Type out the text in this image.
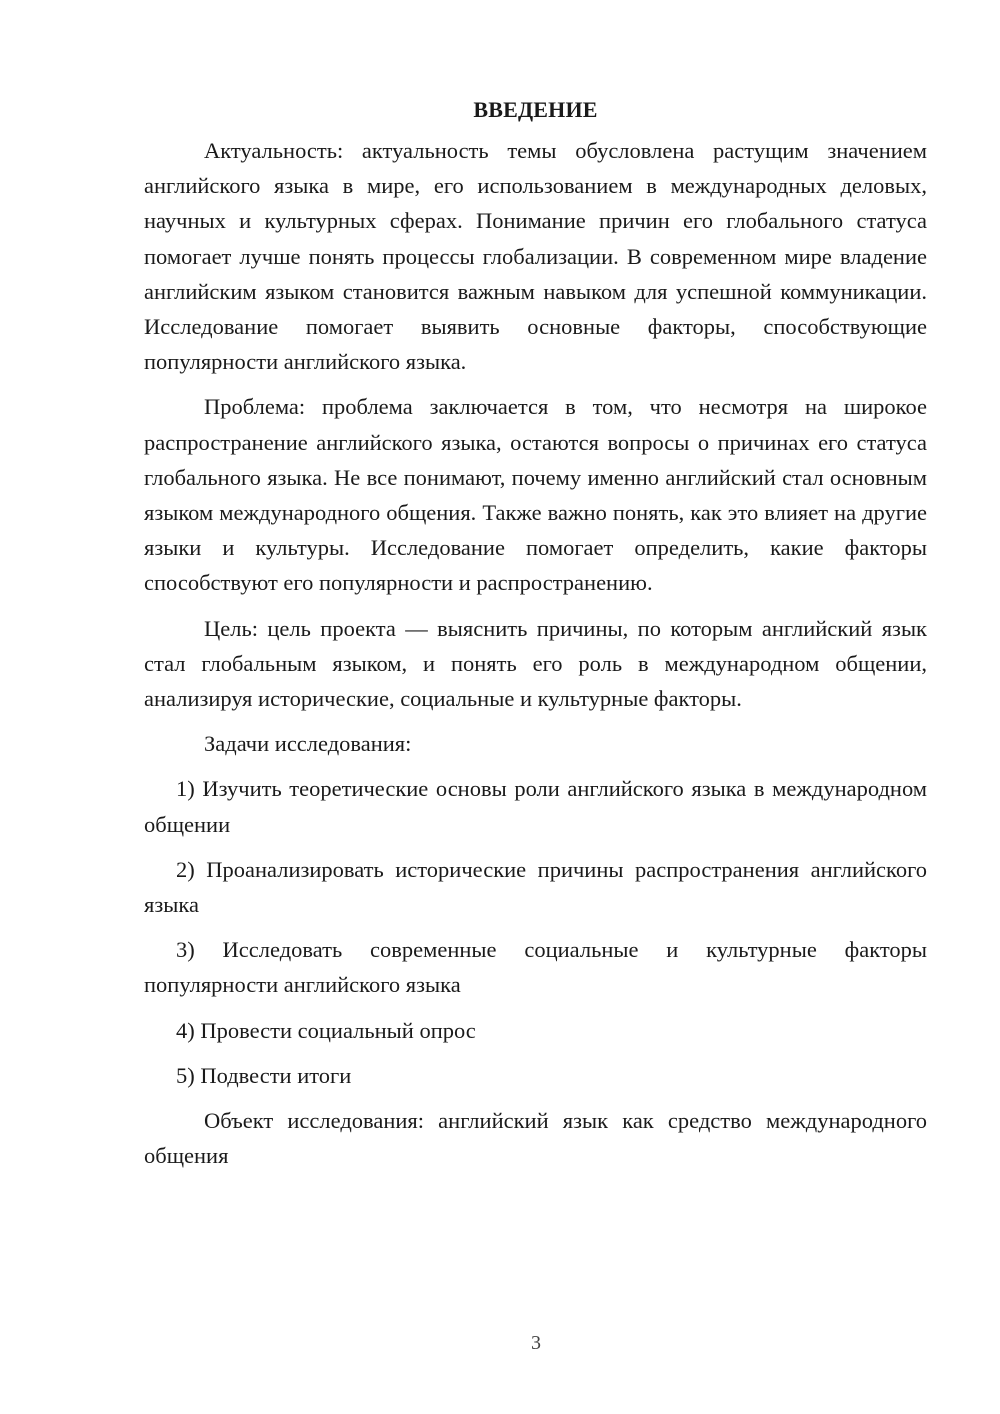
ВВЕДЕНИЕ

Актуальность: актуальность темы обусловлена растущим значением английского языка в мире, его использованием в международных деловых, научных и культурных сферах. Понимание причин его глобального статуса помогает лучше понять процессы глобализации. В современном мире владение английским языком становится важным навыком для успешной коммуникации. Исследование помогает выявить основные факторы, способствующие популярности английского языка.

Проблема: проблема заключается в том, что несмотря на широкое распространение английского языка, остаются вопросы о причинах его статуса глобального языка. Не все понимают, почему именно английский стал основным языком международного общения. Также важно понять, как это влияет на другие языки и культуры. Исследование помогает определить, какие факторы способствуют его популярности и распространению.

Цель: цель проекта — выяснить причины, по которым английский язык стал глобальным языком, и понять его роль в международном общении, анализируя исторические, социальные и культурные факторы.

Задачи исследования:

1) Изучить теоретические основы роли английского языка в международном общении

2) Проанализировать исторические причины распространения английского языка

3) Исследовать современные социальные и культурные факторы популярности английского языка

4) Провести социальный опрос

5) Подвести итоги

Объект исследования: английский язык как средство международного общения

3
